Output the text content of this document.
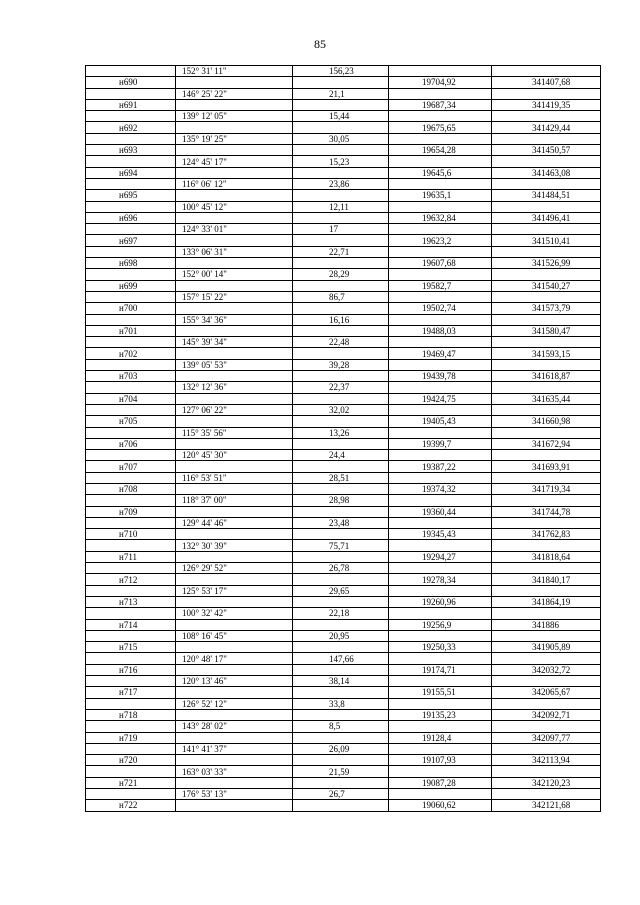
85
	152° 31' 11"	156,23		
н690			19704,92	341407,68
	146° 25' 22"	21,1		
н691			19687,34	341419,35
	139° 12' 05"	15,44		
н692			19675,65	341429,44
	135° 19' 25"	30,05		
н693			19654,28	341450,57
	124° 45' 17"	15,23		
н694			19645,6	341463,08
	116° 06' 12"	23,86		
н695			19635,1	341484,51
	100° 45' 12"	12,11		
н696			19632,84	341496,41
	124° 33' 01"	17		
н697			19623,2	341510,41
	133° 06' 31"	22,71		
н698			19607,68	341526,99
	152° 00' 14"	28,29		
н699			19582,7	341540,27
	157° 15' 22"	86,7		
н700			19502,74	341573,79
	155° 34' 36"	16,16		
н701			19488,03	341580,47
	145° 39' 34"	22,48		
н702			19469,47	341593,15
	139° 05' 53"	39,28		
н703			19439,78	341618,87
	132° 12' 36"	22,37		
н704			19424,75	341635,44
	127° 06' 22"	32,02		
н705			19405,43	341660,98
	115° 35' 56"	13,26		
н706			19399,7	341672,94
	120° 45' 30"	24,4		
н707			19387,22	341693,91
	116° 53' 51"	28,51		
н708			19374,32	341719,34
	118° 37' 00"	28,98		
н709			19360,44	341744,78
	129° 44' 46"	23,48		
н710			19345,43	341762,83
	132° 30' 39"	75,71		
н711			19294,27	341818,64
	126° 29' 52"	26,78		
н712			19278,34	341840,17
	125° 53' 17"	29,65		
н713			19260,96	341864,19
	100° 32' 42"	22,18		
н714			19256,9	341886
	108° 16' 45"	20,95		
н715			19250,33	341905,89
	120° 48' 17"	147,66		
н716			19174,71	342032,72
	120° 13' 46"	38,14		
н717			19155,51	342065,67
	126° 52' 12"	33,8		
н718			19135,23	342092,71
	143° 28' 02"	8,5		
н719			19128,4	342097,77
	141° 41' 37"	26,09		
н720			19107,93	342113,94
	163° 03' 33"	21,59		
н721			19087,28	342120,23
	176° 53' 13"	26,7		
н722			19060,62	342121,68
